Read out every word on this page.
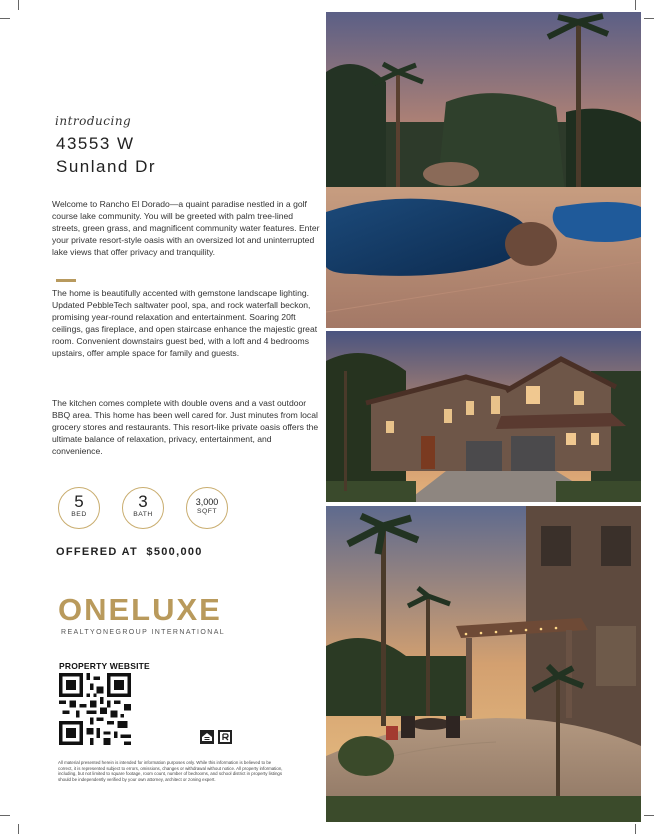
introducing
43553 W
Sunland Dr

Welcome to Rancho El Dorado—a quaint paradise nestled in a golf course lake community. You will be greeted with palm tree-lined streets, green grass, and magnificent community water features. Enter your private resort-style oasis with an oversized lot and uninterrupted lake views that offer privacy and tranquility.

The home is beautifully accented with gemstone landscape lighting. Updated PebbleTech saltwater pool, spa, and rock waterfall beckon, promising year-round relaxation and entertainment. Soaring 20ft ceilings, gas fireplace, and open staircase enhance the majestic great room. Convenient downstairs guest bed, with a loft and 4 bedrooms upstairs, offer ample space for family and guests.

The kitchen comes complete with double ovens and a vast outdoor BBQ area. This home has been well cared for. Just minutes from local grocery stores and restaurants. This resort-like private oasis offers the ultimate balance of relaxation, privacy, entertainment, and convenience.

5
BED
3
BATH
3,000
SQFT
OFFERED AT $500,000
ONELUXE
REALTYONEGROUP INTERNATIONAL
PROPERTY WEBSITE

All material presented herein is intended for information purposes only. While this information is believed to be correct, it is represented subject to errors, omissions, changes or withdrawal without notice. All property information, including, but not limited to square footage, room count, number of bedrooms, and school district in property listings should be independently verified by your own attorney, architect or zoning expert.
